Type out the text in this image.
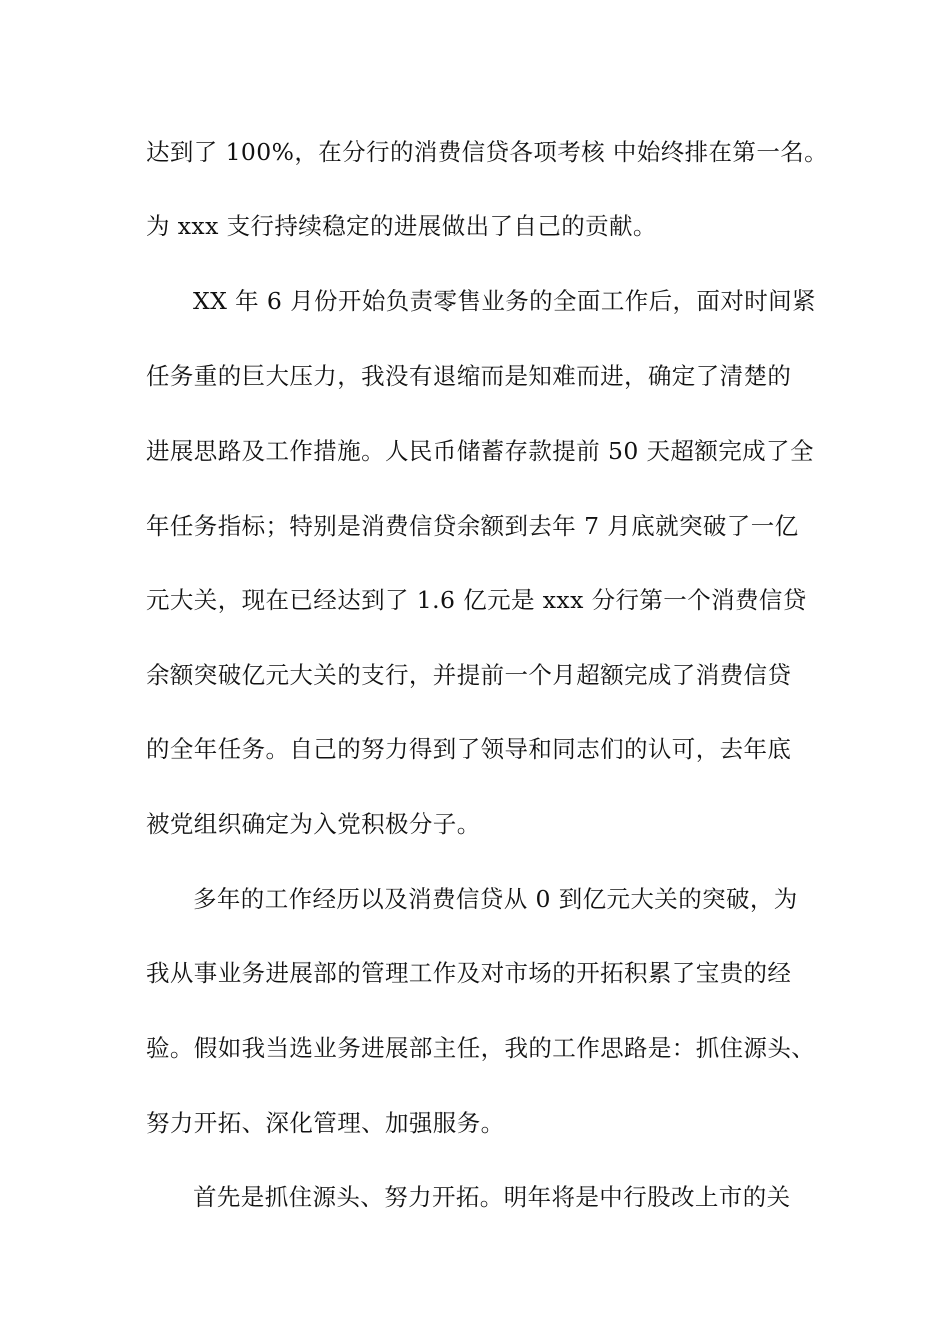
达到了 100%，在分行的消费信贷各项考核 中始终排在第一名。
为 xxx 支行持续稳定的进展做出了自己的贡献。
XX 年 6 月份开始负责零售业务的全面工作后，面对时间紧
任务重的巨大压力，我没有退缩而是知难而进，确定了清楚的
进展思路及工作措施。人民币储蓄存款提前 50 天超额完成了全
年任务指标；特别是消费信贷余额到去年 7 月底就突破了一亿
元大关，现在已经达到了 1.6 亿元是 xxx 分行第一个消费信贷
余额突破亿元大关的支行，并提前一个月超额完成了消费信贷
的全年任务。自己的努力得到了领导和同志们的认可，去年底
被党组织确定为入党积极分子。
多年的工作经历以及消费信贷从 0 到亿元大关的突破，为
我从事业务进展部的管理工作及对市场的开拓积累了宝贵的经
验。假如我当选业务进展部主任，我的工作思路是：抓住源头、
努力开拓、深化管理、加强服务。
首先是抓住源头、努力开拓。明年将是中行股改上市的关
